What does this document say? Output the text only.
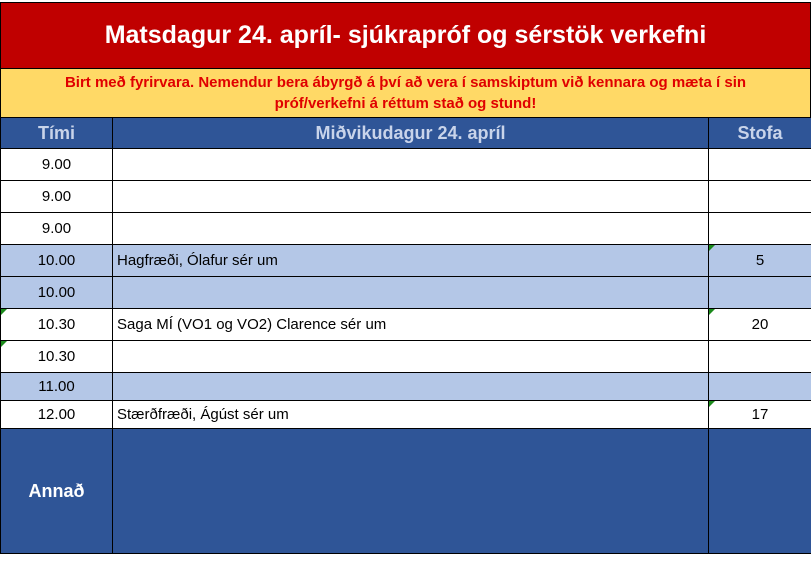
Matsdagur 24. apríl- sjúkrapróf og sérstök verkefni
Birt með fyrirvara. Nemendur bera ábyrgð á því að vera í samskiptum við kennara og mæta í sin
próf/verkefni á réttum stað og stund!
Tími	Miðvikudagur 24. apríl	Stofa
9.00		
9.00		
9.00		
10.00	Hagfræði, Ólafur sér um	5
10.00		

10.30	Saga MÍ (VO1 og VO2) Clarence sér um	20

10.30		
11.00		
12.00	Stærðfræði, Ágúst sér um	17
Annað		
